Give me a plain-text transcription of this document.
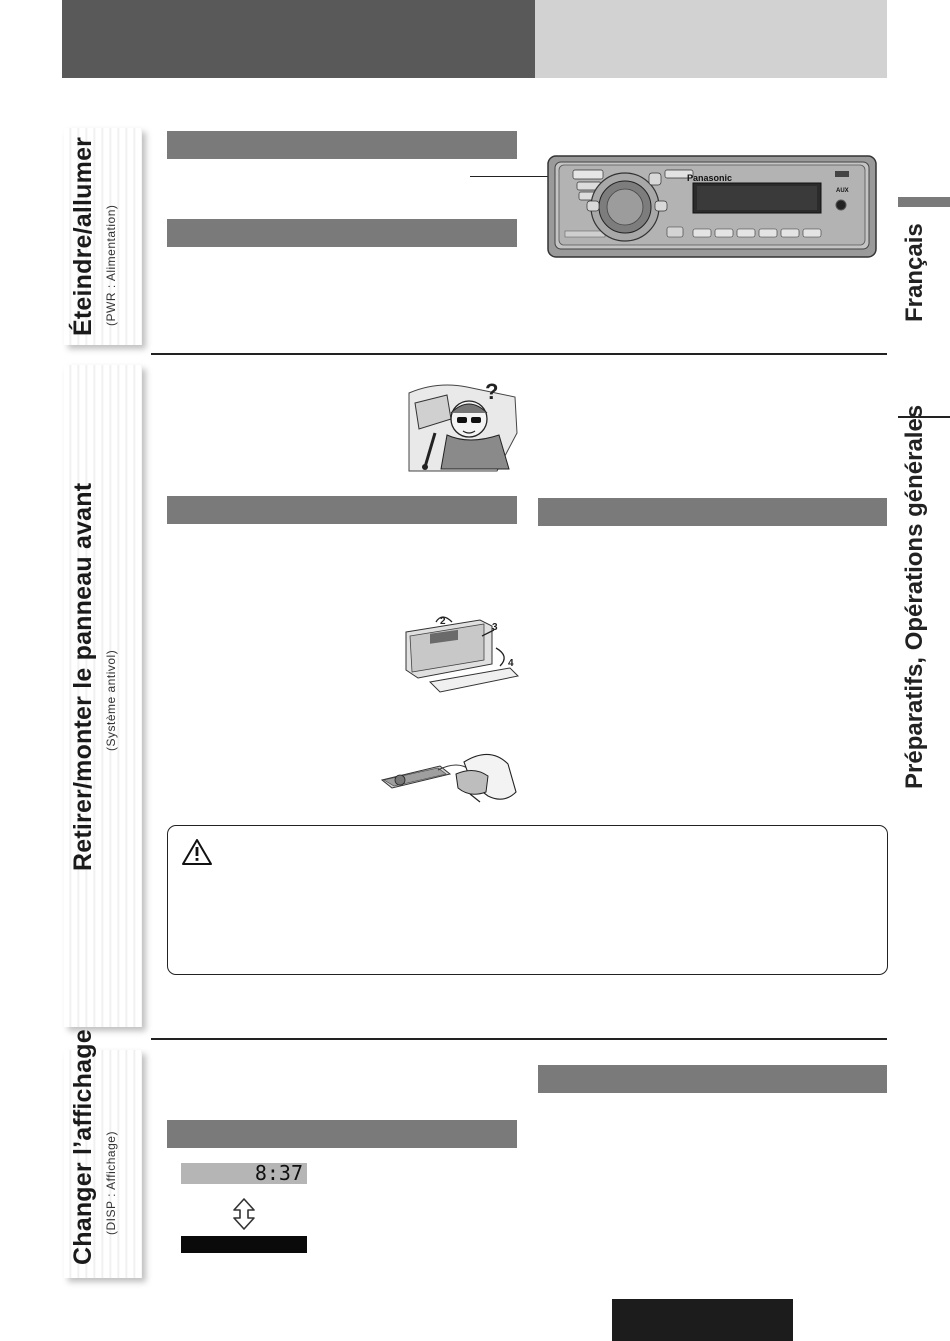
Éteindre/allumer (PWR : Alimentation)
Panasonic
AUX
Retirer/monter le panneau avant (Système antivol)
?
2
3
4
Changer l’affichage (DISP : Affichage)	8:37
Français
Préparatifs, Opérations générales
